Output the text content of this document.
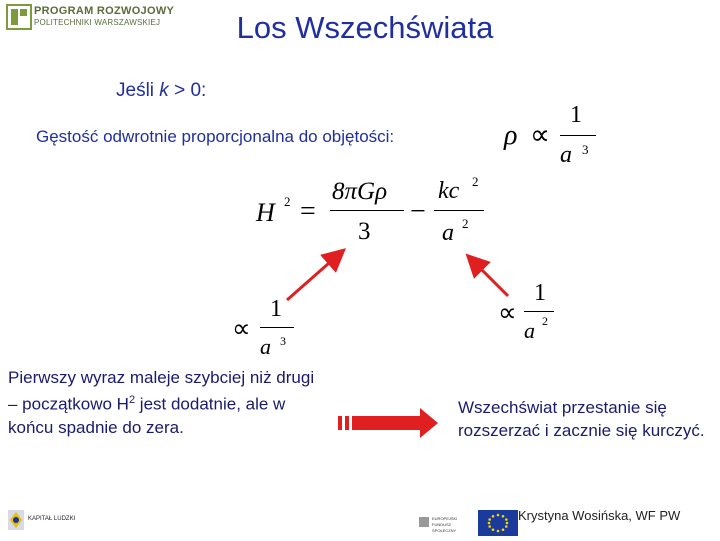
PROGRAM ROZWOJOWY
POLITECHNIKI WARSZAWSKIEJ	Los Wszechświata
Jeśli k > 0:
Gęstość odwrotnie proporcjonalna do objętości:	ρ ∝
1
a 3
H 2 =
8πGρ
3
−
kc 2
a 2
∝
1
a 3
∝
1
a 2
Pierwszy wyraz maleje szybciej niż drugi – początkowo $H^2$ jest dodatnie, ale w końcu spadnie do zera.
Wszechświat przestanie się rozszerzać i zacznie się kurczyć.
KAPITAŁ LUDZKI	EUROPEJSKI FUNDUSZ SPOŁECZNY
Krystyna Wosińska, WF PW
